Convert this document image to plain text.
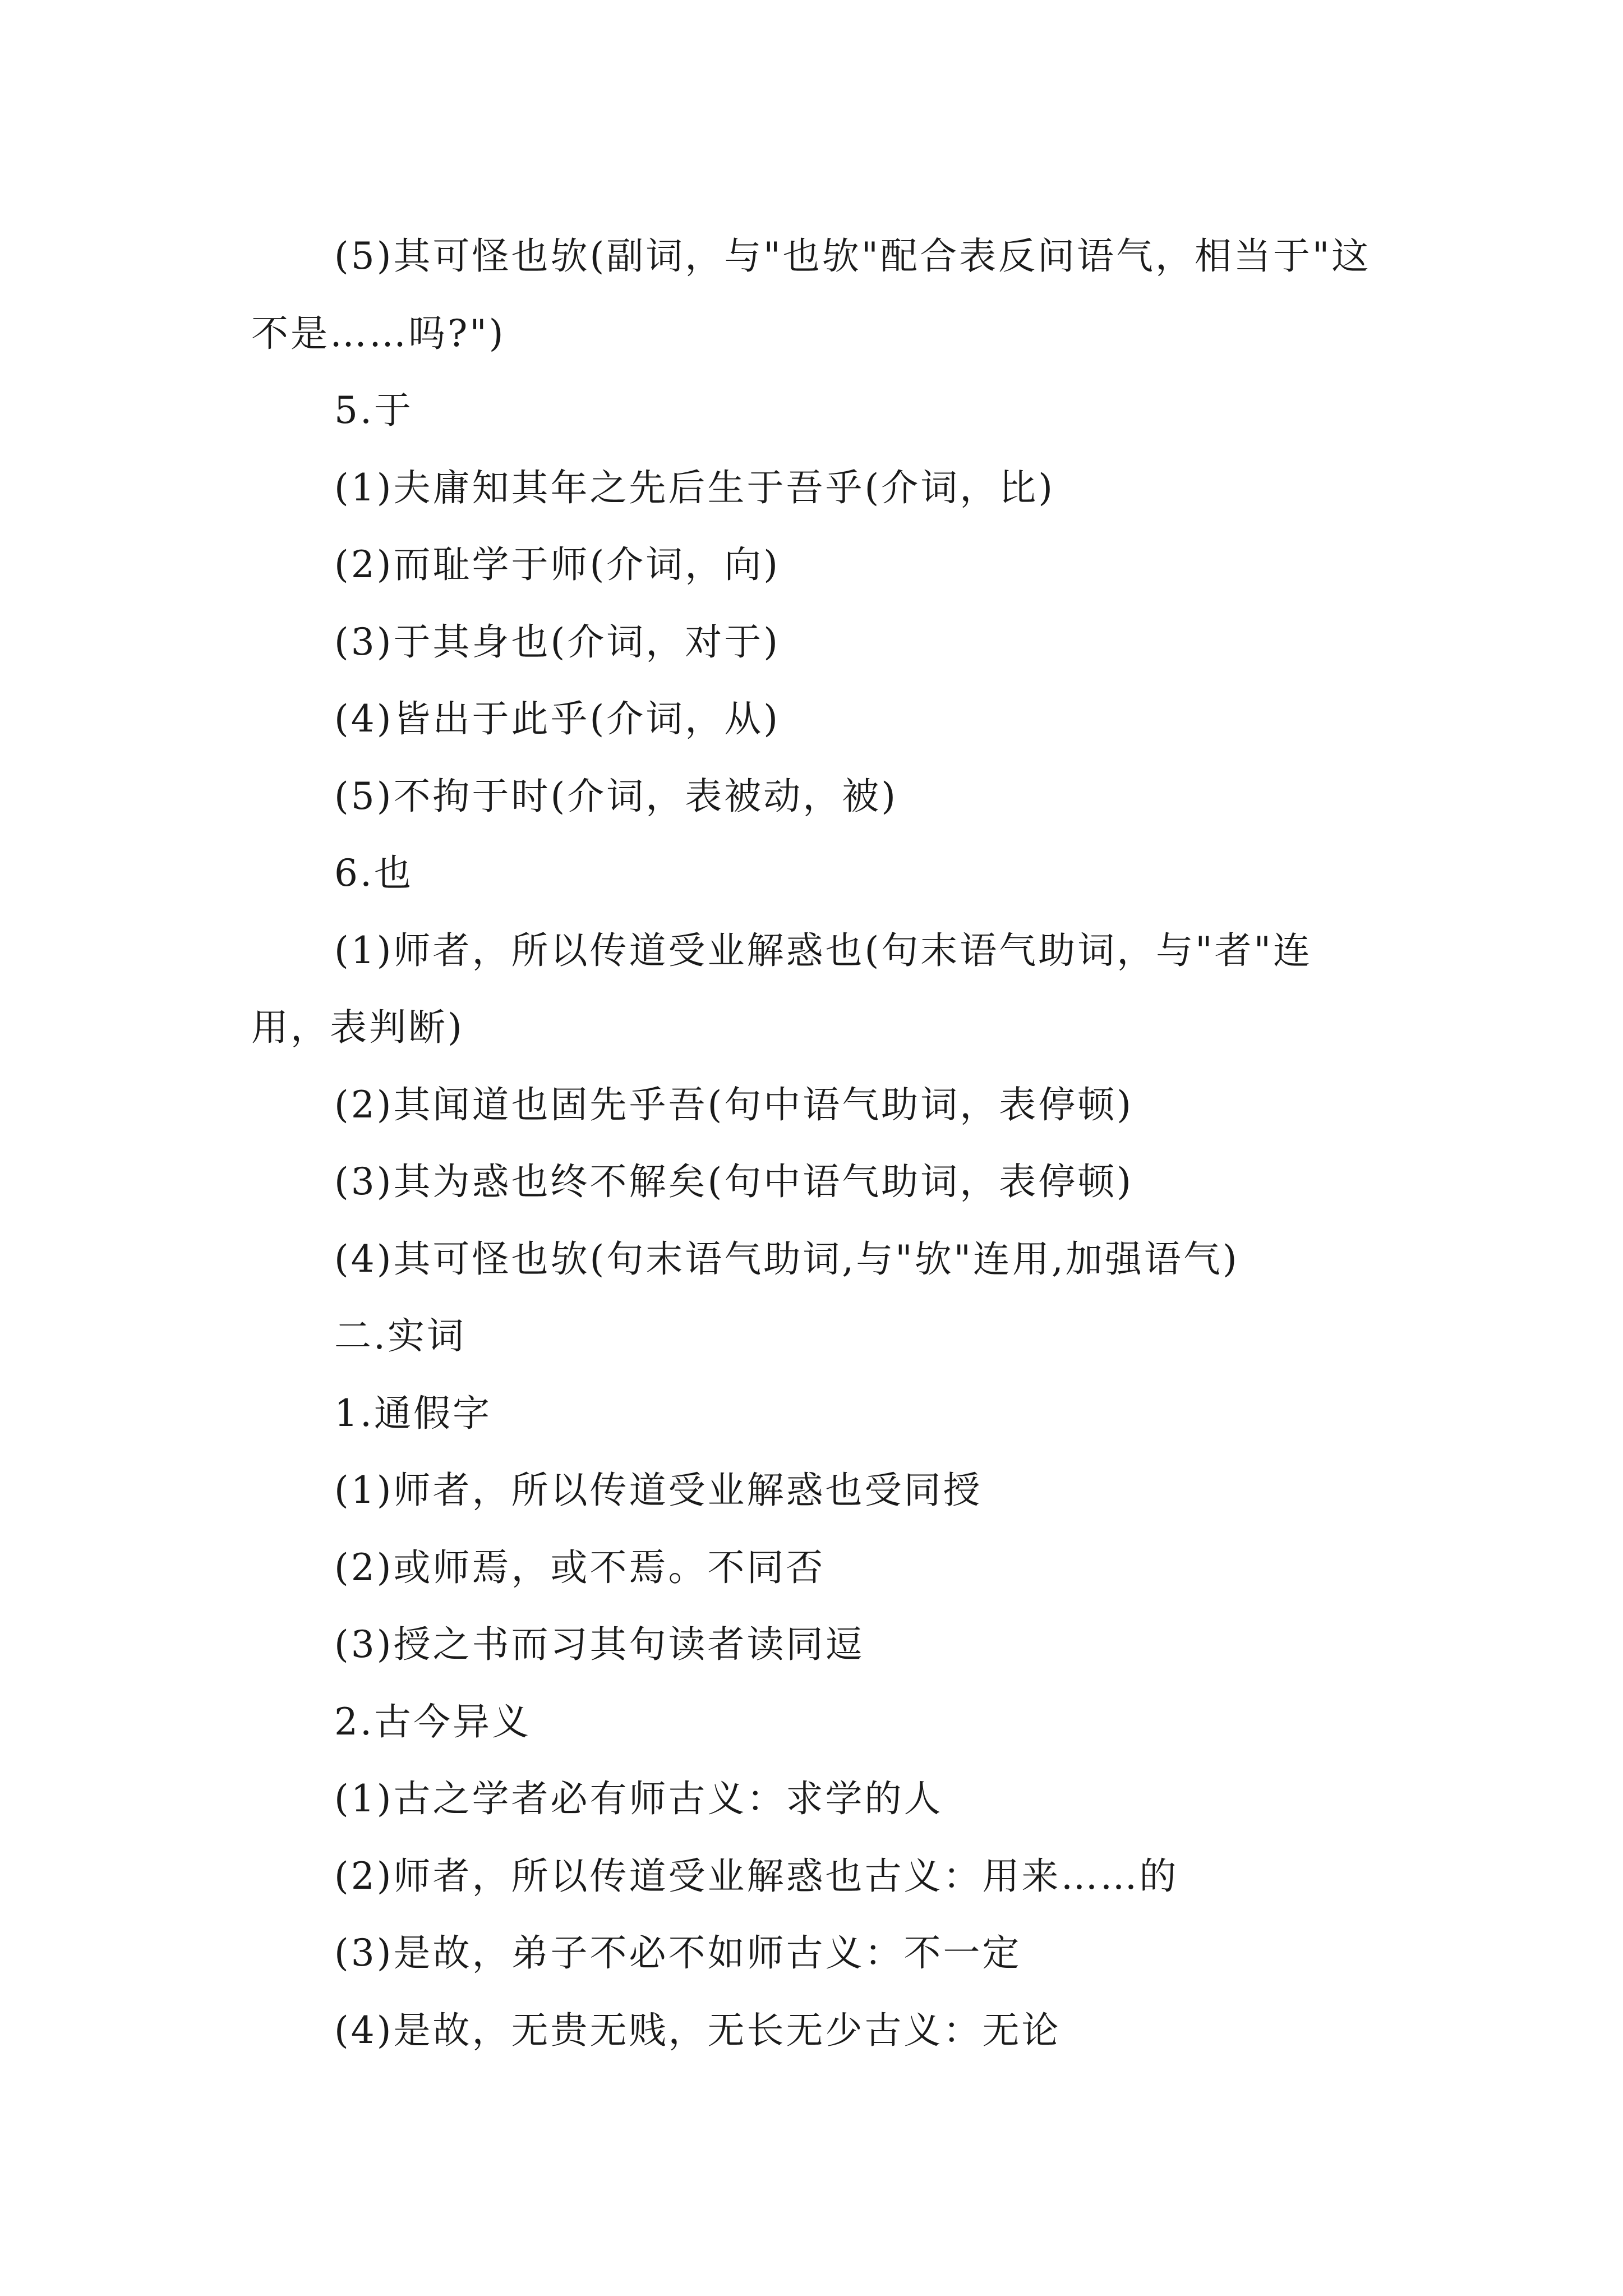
(5)其可怪也欤(副词，与"也欤"配合表反问语气，相当于"这不是……吗?")

5.于

(1)夫庸知其年之先后生于吾乎(介词，比)

(2)而耻学于师(介词，向)

(3)于其身也(介词，对于)

(4)皆出于此乎(介词，从)

(5)不拘于时(介词，表被动，被)

6.也

(1)师者，所以传道受业解惑也(句末语气助词，与"者"连用，表判断)

(2)其闻道也固先乎吾(句中语气助词，表停顿)

(3)其为惑也终不解矣(句中语气助词，表停顿)

(4)其可怪也欤(句末语气助词,与"欤"连用,加强语气)

二.实词

1.通假字

(1)师者，所以传道受业解惑也受同授

(2)或师焉，或不焉。不同否

(3)授之书而习其句读者读同逗

2.古今异义

(1)古之学者必有师古义：求学的人

(2)师者，所以传道受业解惑也古义：用来……的

(3)是故，弟子不必不如师古义：不一定

(4)是故，无贵无贱，无长无少古义：无论
